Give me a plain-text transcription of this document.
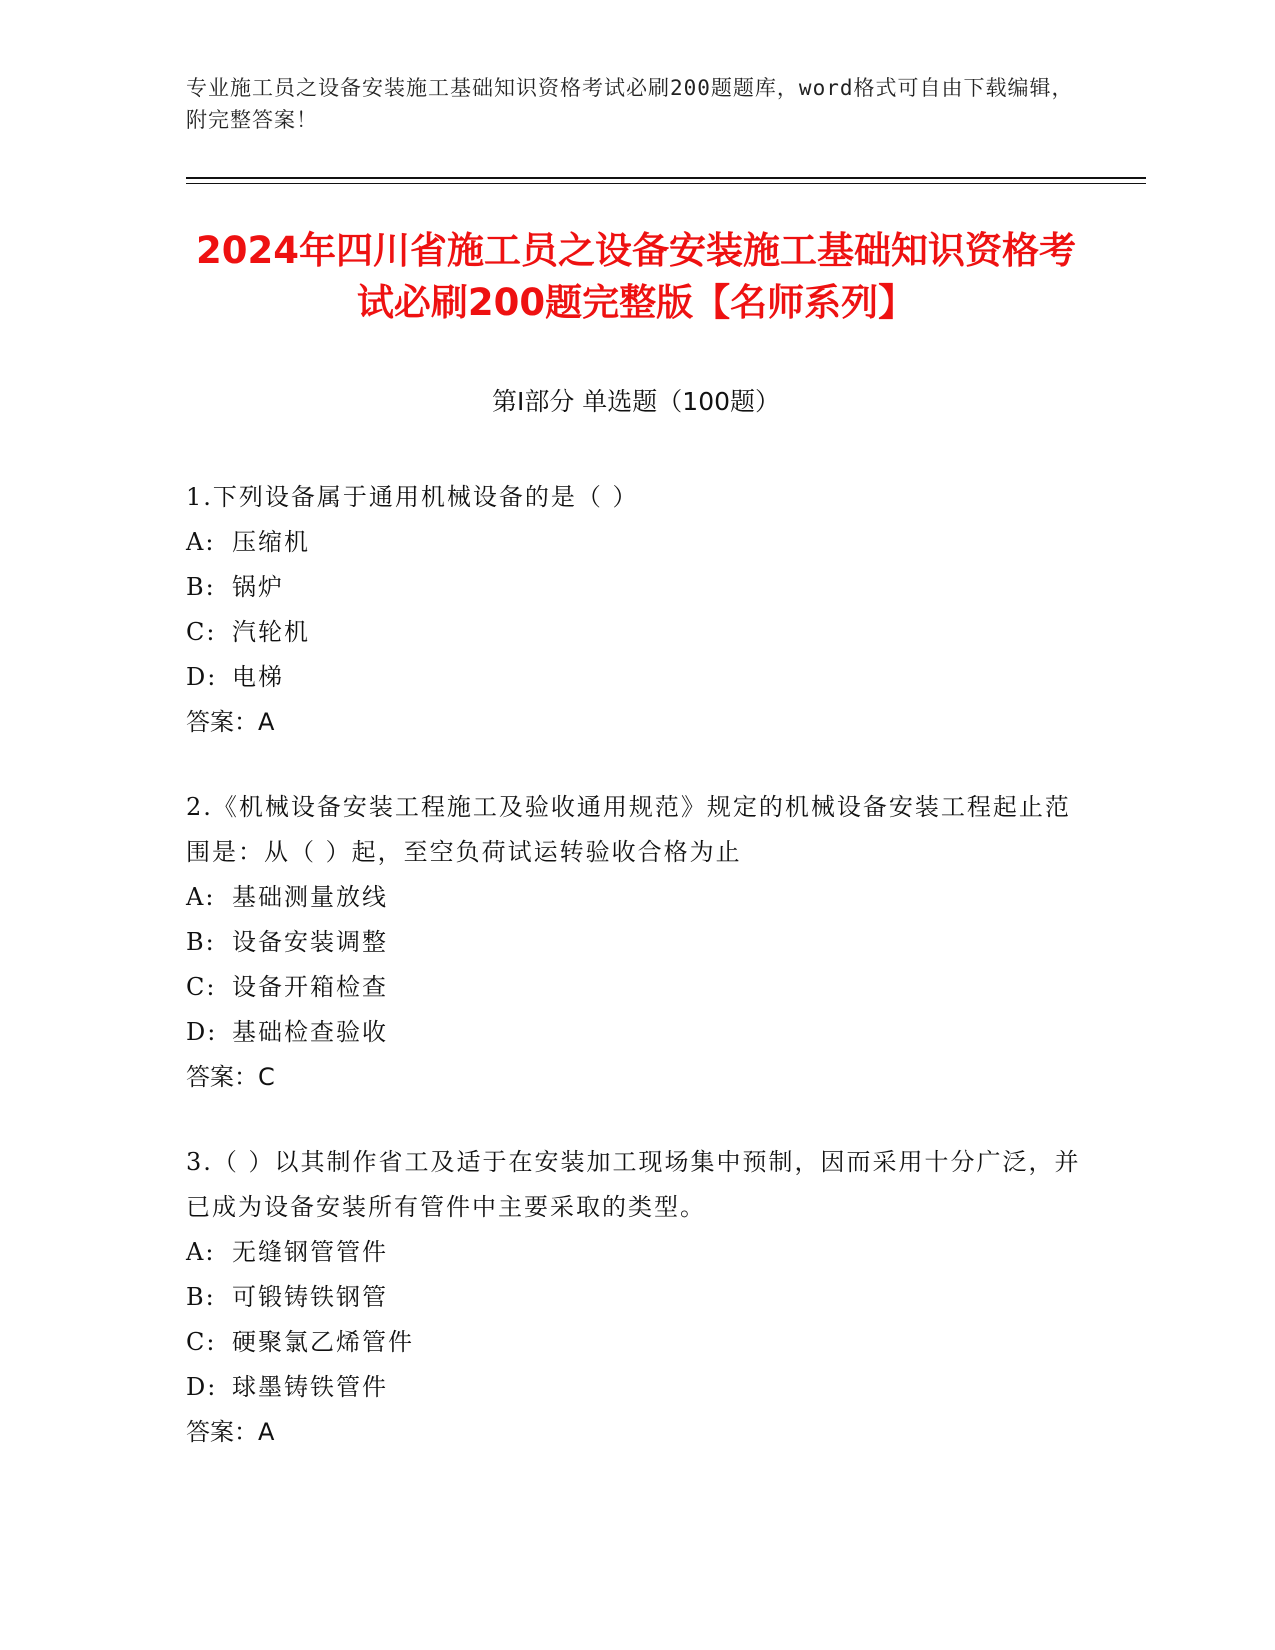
专业施工员之设备安装施工基础知识资格考试必刷200题题库，word格式可自由下载编辑，附完整答案！
2024年四川省施工员之设备安装施工基础知识资格考试必刷200题完整版【名师系列】
第I部分 单选题（100题）
1.下列设备属于通用机械设备的是（ ）
A: 压缩机
B: 锅炉
C: 汽轮机
D: 电梯
答案：A
2.《机械设备安装工程施工及验收通用规范》规定的机械设备安装工程起止范围是：从（ ）起，至空负荷试运转验收合格为止
A: 基础测量放线
B: 设备安装调整
C: 设备开箱检查
D: 基础检查验收
答案：C
3.（ ）以其制作省工及适于在安装加工现场集中预制，因而采用十分广泛，并已成为设备安装所有管件中主要采取的类型。
A: 无缝钢管管件
B: 可锻铸铁钢管
C: 硬聚氯乙烯管件
D: 球墨铸铁管件
答案：A
